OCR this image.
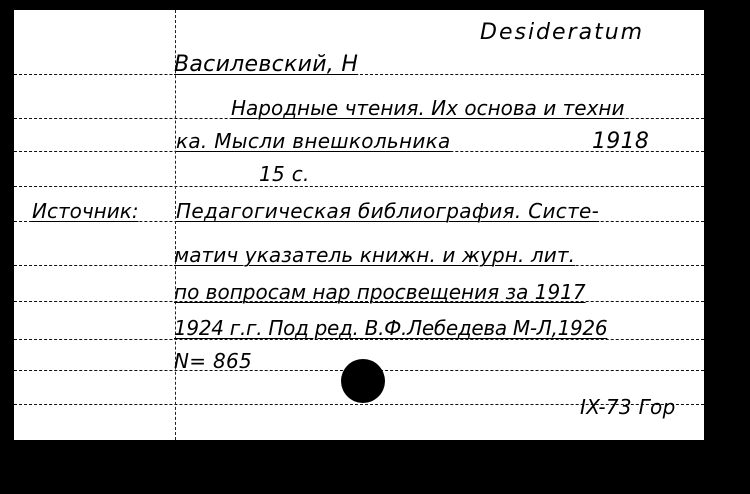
Desideratum
Василевский, Н
Народные чтения. Их основа и техни
ка. Мысли внешкольника	1918
15 с.
Источник: Педагогическая библиография. Систе-
матич указатель книжн. и журн. лит.
по вопросам нар просвещения за 1917
1924 г.г. Под ред. В.Ф.Лебедева М-Л,1926
N= 865
IX-73 Гор
